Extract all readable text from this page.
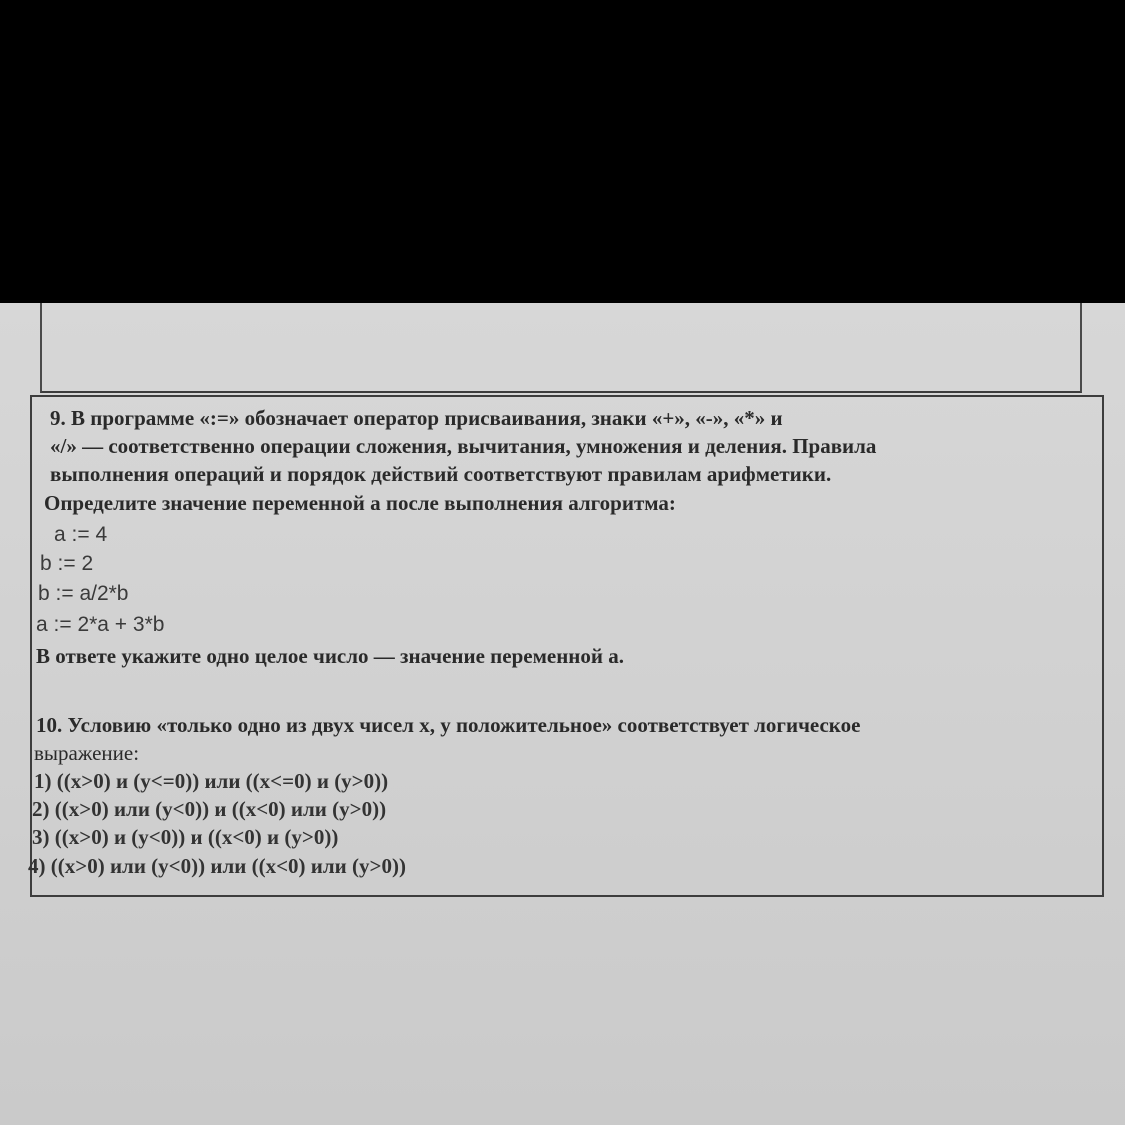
9. В программе «:=» обозначает оператор присваивания, знаки «+», «-», «*» и
«/» — соответственно операции сложения, вычитания, умножения и деления. Правила
выполнения операций и порядок действий соответствуют правилам арифметики.
Определите значение переменной a после выполнения алгоритма:
a := 4
b := 2
b := a/2*b
a := 2*a + 3*b
В ответе укажите одно целое число — значение переменной a.
10. Условию «только одно из двух чисел x, y положительное» соответствует логическое
выражение:
1) ((x>0) и (y<=0)) или ((x<=0) и (y>0))
2) ((x>0) или (y<0)) и ((x<0) или (y>0))
3) ((x>0) и (y<0)) и ((x<0) и (y>0))
4) ((x>0) или (y<0)) или ((x<0) или (y>0))
